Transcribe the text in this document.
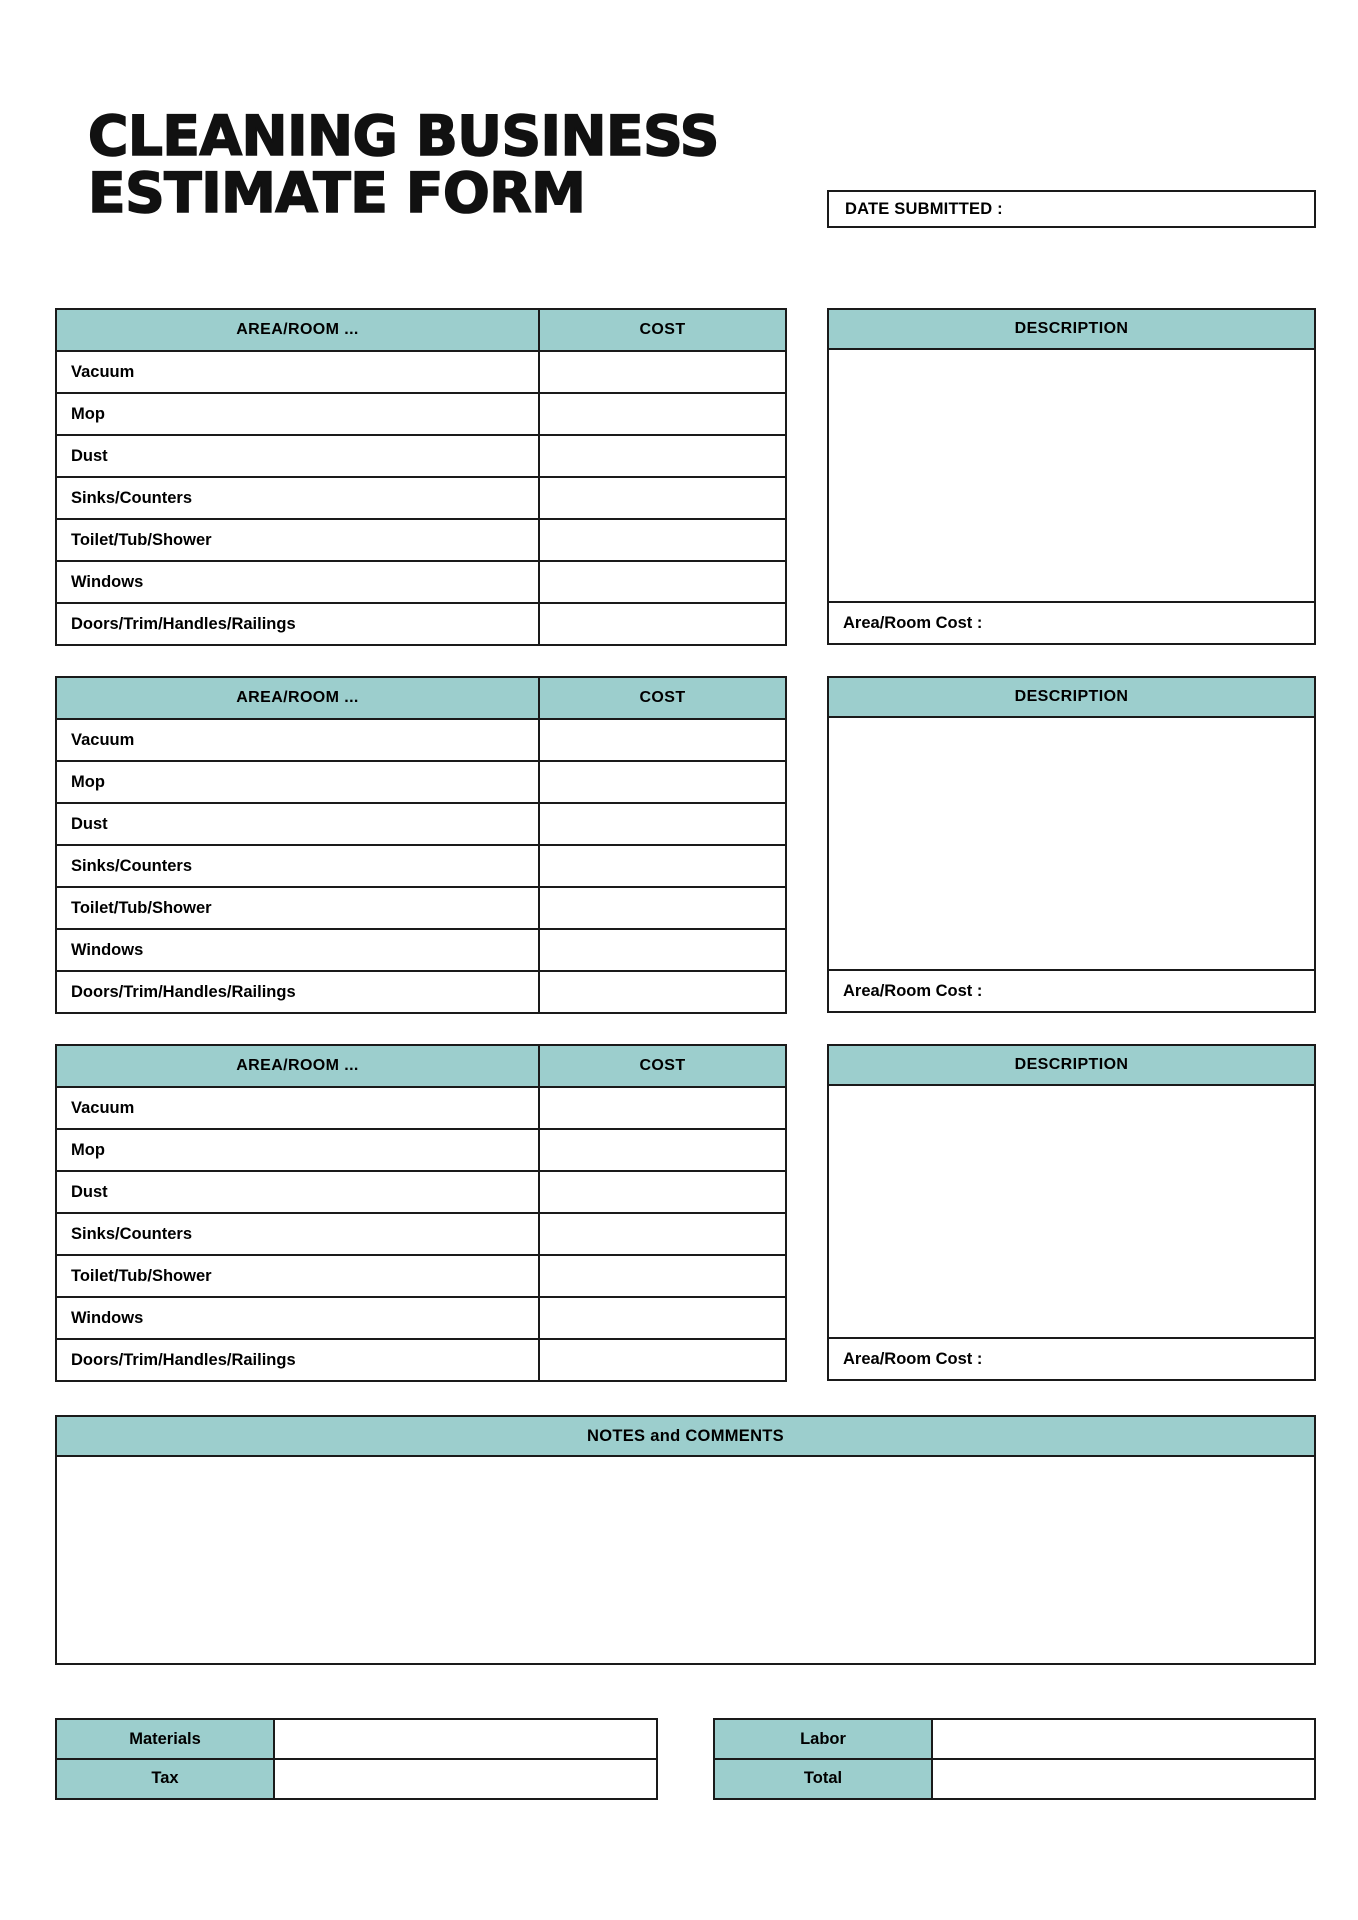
CLEANING BUSINESS
ESTIMATE FORM	DATE SUBMITTED :
AREA/ROOM ...	COST
Vacuum	
Mop	
Dust	
Sinks/Counters	
Toilet/Tub/Shower	
Windows	
Doors/Trim/Handles/Railings	
DESCRIPTION
Area/Room Cost :
AREA/ROOM ...	COST
Vacuum	
Mop	
Dust	
Sinks/Counters	
Toilet/Tub/Shower	
Windows	
Doors/Trim/Handles/Railings	
DESCRIPTION
Area/Room Cost :
AREA/ROOM ...	COST
Vacuum	
Mop	
Dust	
Sinks/Counters	
Toilet/Tub/Shower	
Windows	
Doors/Trim/Handles/Railings	
DESCRIPTION
Area/Room Cost :
NOTES and COMMENTS
Materials
Tax
Labor
Total
